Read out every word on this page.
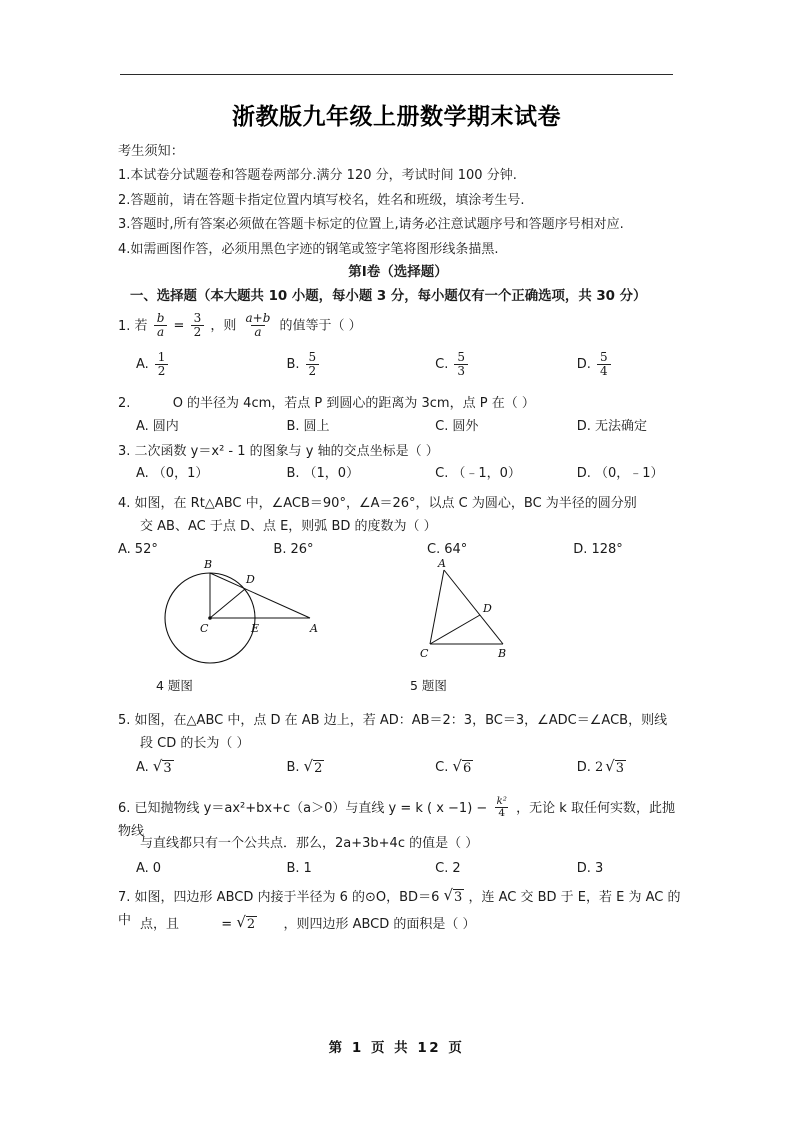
浙教版九年级上册数学期末试卷
考生须知：
1.本试卷分试题卷和答题卷两部分.满分 120 分，考试时间 100 分钟.
2.答题前，请在答题卡指定位置内填写校名，姓名和班级，填涂考生号.
3.答题时,所有答案必须做在答题卡标定的位置上,请务必注意试题序号和答题序号相对应.
4.如需画图作答，必须用黑色字迹的钢笔或签字笔将图形线条描黑.
第I卷（选择题）
一、选择题（本大题共 10 小题，每小题 3 分，每小题仅有一个正确选项，共 30 分）
1. 若 $\frac{b}{a} = \frac{3}{2}$ ，则 $\frac{a+b}{a}$ 的值等于（ ）
A. $\frac{1}{2}$	B. $\frac{5}{2}$	C. $\frac{5}{3}$	D. $\frac{5}{4}$
2.	O 的半径为 4cm，若点 P 到圆心的距离为 3cm，点 P 在（ ）
A. 圆内	B. 圆上	C. 圆外	D. 无法确定
3. 二次函数 y＝x² - 1 的图象与 y 轴的交点坐标是（ ）
A. （0，1）	B. （1，0）	C. （﹣1，0）	D. （0，﹣1）
4. 如图，在 Rt△ABC 中，∠ACB＝90°，∠A＝26°，以点 C 为圆心，BC 为半径的圆分别
交 AB、AC 于点 D、点 E，则弧 BD 的度数为（ ）
A. 52°	B. 26°	C. 64°	D. 128°
B
D
C	E	A
A
D
C	B
4 题图	5 题图
5. 如图，在△ABC 中，点 D 在 AB 边上，若 AD：AB＝2：3，BC＝3，∠ADC＝∠ACB，则线
段 CD 的长为（ ）
A. √ 3	B. √ 2	C. √ 6	D. 2 √ 3
6. 已知抛物线 y＝ax²+bx+c（a＞0）与直线 y = k ( $x -1) - \frac{\text{k²}}{4}$ ，无论 k 取任何实数，此抛物线
与直线都只有一个公共点．那么，2a+3b+4c 的值是（ ）
A. 0	B. 1	C. 2	D. 3
7. 如图，四边形 ABCD 内接于半径为 6 的⊙O，BD＝6 √ 3 ，连 AC 交 BD 于 E，若 E 为 AC 的中 点，且	= √ 2 ，则四边形 ABCD 的面积是（ ）
第 1 页 共 12 页
